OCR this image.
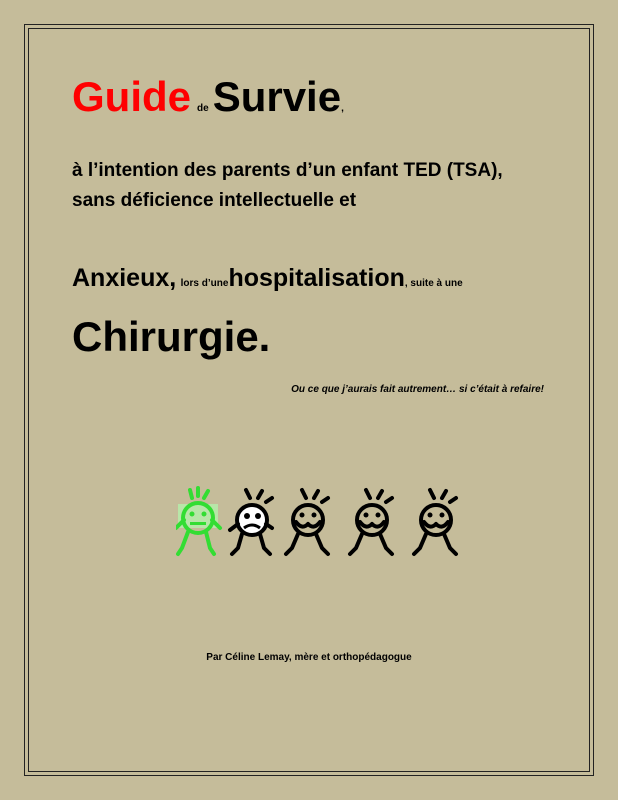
Guide deSurvie,
à l’intention des parents d’un enfant TED (TSA),
sans déficience intellectuelle et
Anxieux, lors d’unehospitalisation, suite à une
Chirurgie.
Ou ce que j’aurais fait autrement… si c’était à refaire!
Par Céline Lemay, mère et orthopédagogue
